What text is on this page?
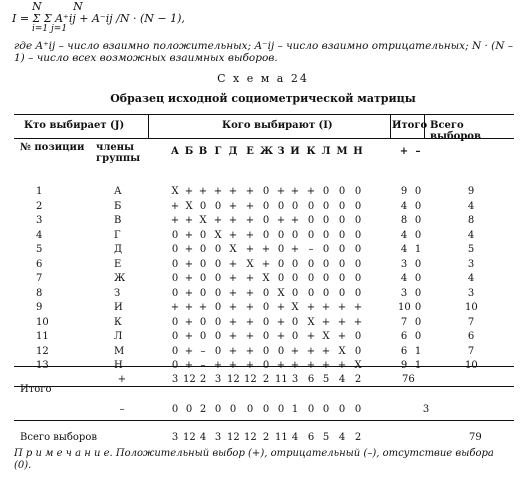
N N
I = Σ Σ A⁺ij + A⁻ij /N · (N − 1),
i=1 j=1
где A⁺ij – число взаимно положительных; A⁻ij – число взаимно отрицательных; N · (N – 1) – число всех возможных взаимных выборов.
С х е м а 24
Образец исходной социометрической матрицы
Кто выбирает (J)	Кого выбирают (I)	Итого Всего выборов
№ позиции члены группы
А Б В Г Д Е Ж З И К Л М Н	+ –
1	А	X + + + + + 0 + + + 0 0 0	9 0	9
2	Б	+ X 0 0 + + 0 0 0 0 0 0 0	4 0	4
3	В	+ + X + + + 0 + + 0 0 0 0	8 0	8
4	Г	0 + 0 X + + 0 0 0 0 0 0 0	4 0	4
5	Д	0 + 0 0 X + + 0 + – 0 0 0	4 1	5
6	Е	0 + 0 0 + X + 0 0 0 0 0 0	3 0	3
7	Ж	0 + 0 0 + + X 0 0 0 0 0 0	4 0	4
8	З	0 + 0 0 + + 0 X 0 0 0 0 0	3 0	3
9	И	+ + + 0 + + 0 + X + + + +	10 0	10
10	К	0 + 0 0 + + 0 + 0 X + + +	7 0	7
11	Л	0 + 0 0 + + 0 + 0 + X + 0	6 0	6
12	М	0 + – 0 + + 0 0 + + + X 0	6 1	7
13	Н	0 + – + + + 0 + + + + + X	9 1	10
Итого
+	3 12 2 3 12 12 2 11 3 6 5 4 2	76
–	0 0 2 0 0 0 0 0 1 0 0 0 0	3
Всего выборов	3 12 4 3 12 12 2 11 4 6 5 4 2	79
П р и м е ч а н и е. Положительный выбор (+), отрицательный (–), отсутствие выбора (0).
